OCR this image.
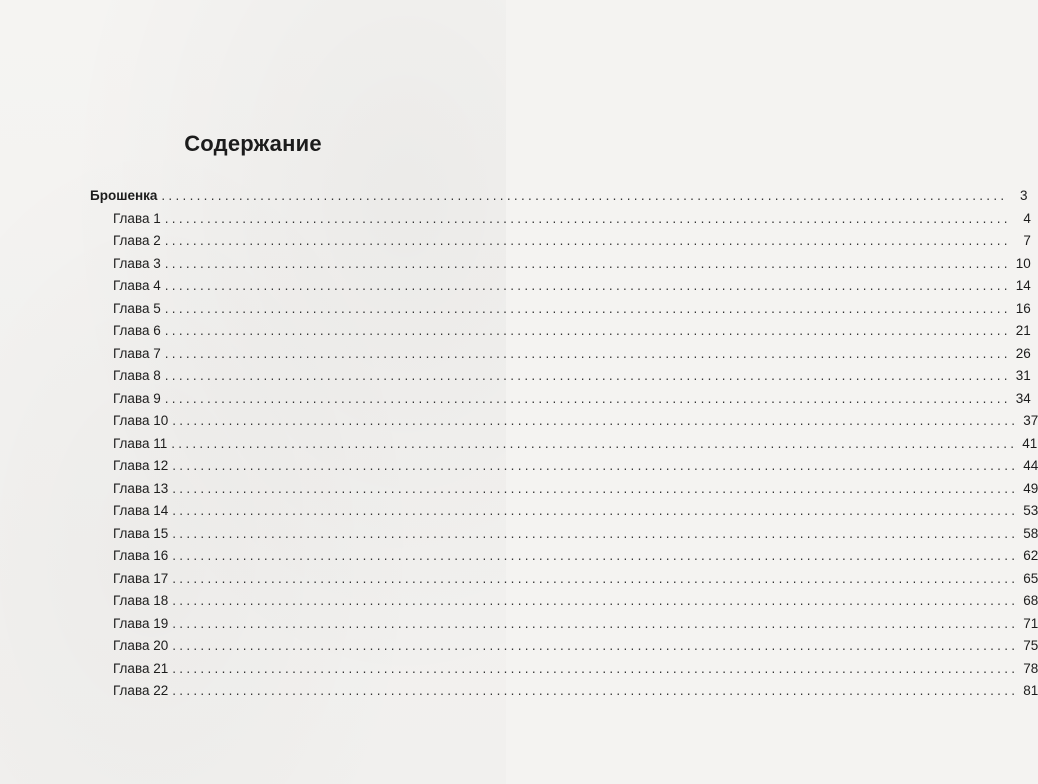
Содержание
Брошенка ........................................................................................................................ 3
Глава 1 ........................................................................................................................ 4
Глава 2 ........................................................................................................................ 7
Глава 3 ........................................................................................................................ 10
Глава 4 ........................................................................................................................ 14
Глава 5 ........................................................................................................................ 16
Глава 6 ........................................................................................................................ 21
Глава 7 ........................................................................................................................ 26
Глава 8 ........................................................................................................................ 31
Глава 9 ........................................................................................................................ 34
Глава 10 ........................................................................................................................ 37
Глава 11 ........................................................................................................................ 41
Глава 12 ........................................................................................................................ 44
Глава 13 ........................................................................................................................ 49
Глава 14 ........................................................................................................................ 53
Глава 15 ........................................................................................................................ 58
Глава 16 ........................................................................................................................ 62
Глава 17 ........................................................................................................................ 65
Глава 18 ........................................................................................................................ 68
Глава 19 ........................................................................................................................ 71
Глава 20 ........................................................................................................................ 75
Глава 21 ........................................................................................................................ 78
Глава 22 ........................................................................................................................ 81
